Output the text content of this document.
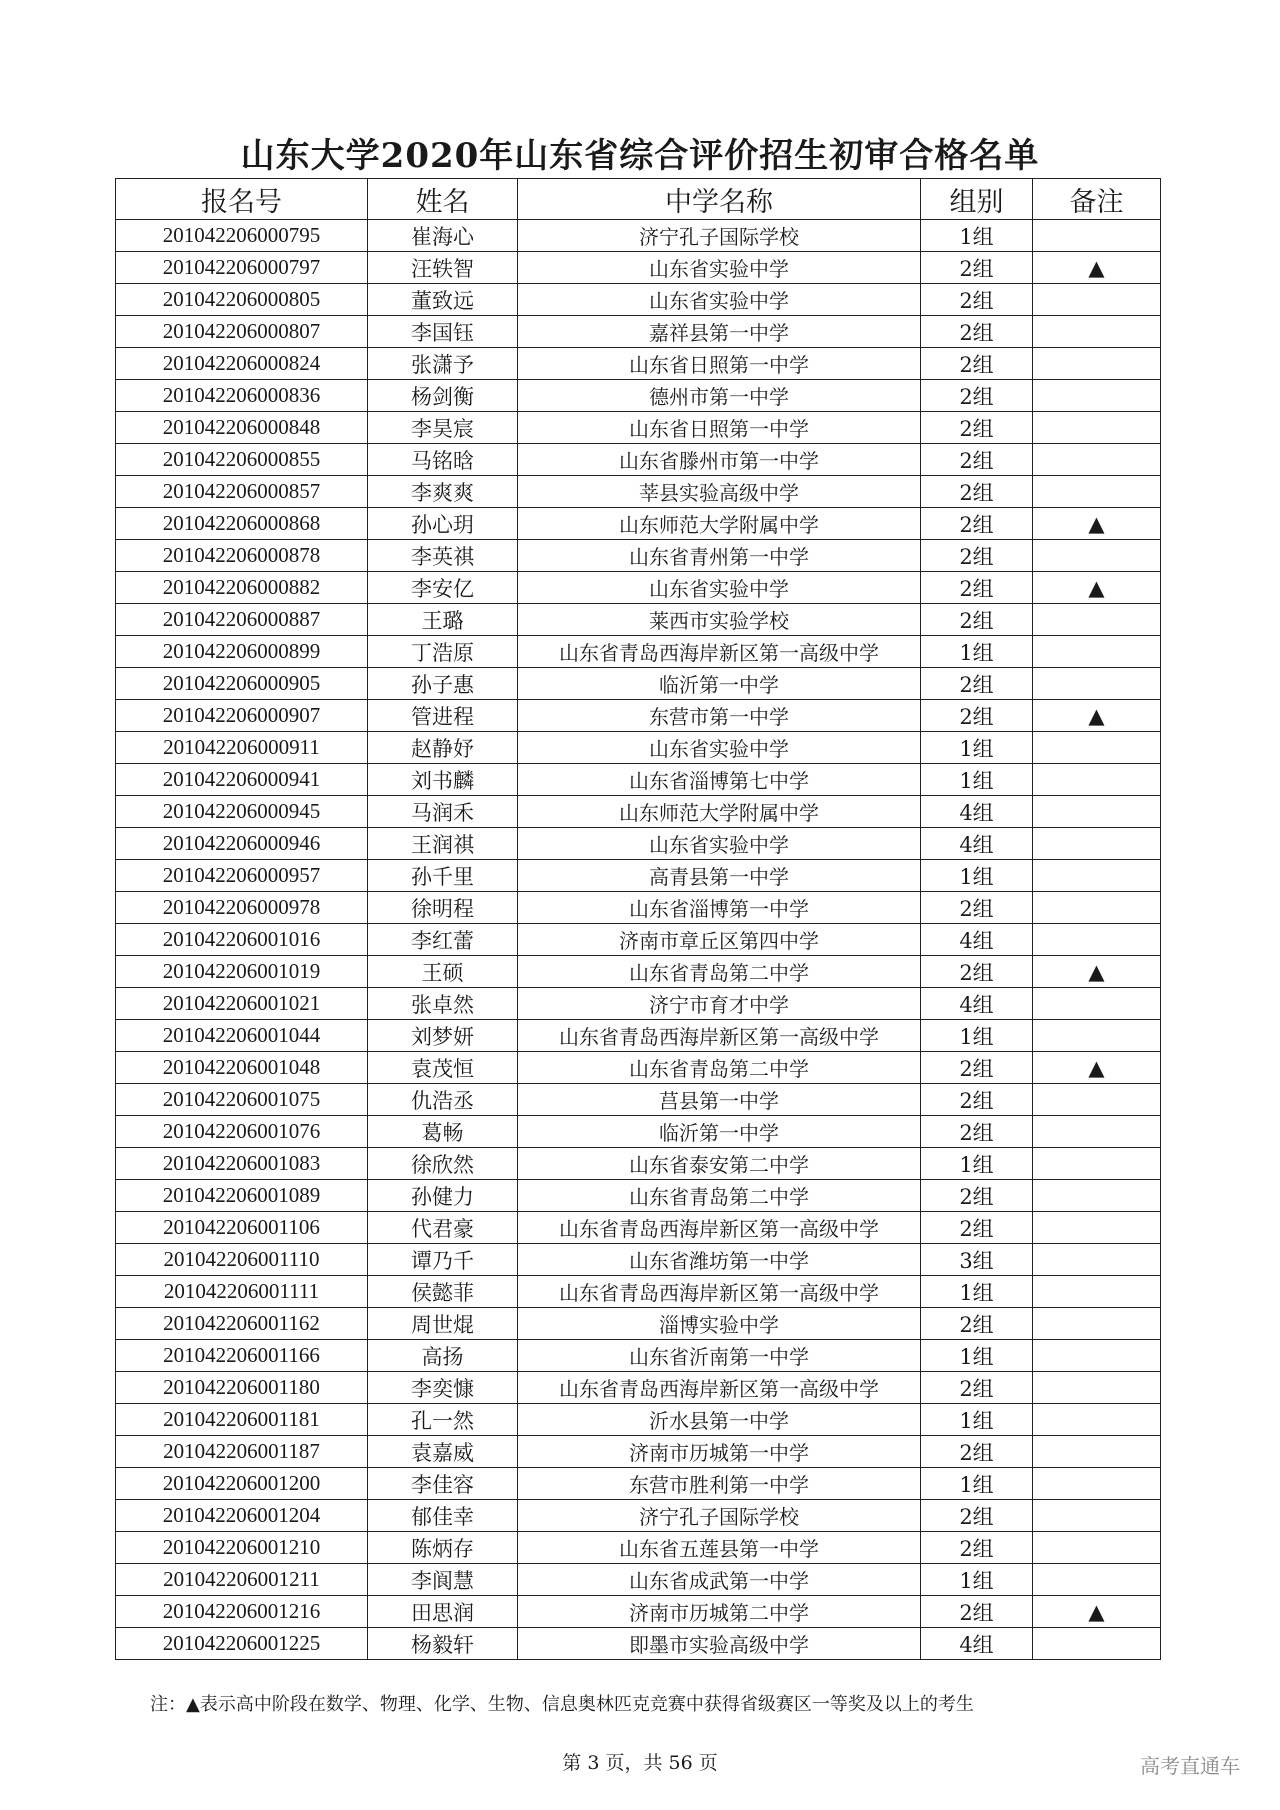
山东大学2020年山东省综合评价招生初审合格名单
报名号	姓名	中学名称	组别	备注
201042206000795	崔海心	济宁孔子国际学校	1组	
201042206000797	汪轶智	山东省实验中学	2组	▲
201042206000805	董致远	山东省实验中学	2组	
201042206000807	李国钰	嘉祥县第一中学	2组	
201042206000824	张潇予	山东省日照第一中学	2组	
201042206000836	杨剑衡	德州市第一中学	2组	
201042206000848	李昊宸	山东省日照第一中学	2组	
201042206000855	马铭晗	山东省滕州市第一中学	2组	
201042206000857	李爽爽	莘县实验高级中学	2组	
201042206000868	孙心玥	山东师范大学附属中学	2组	▲
201042206000878	李英祺	山东省青州第一中学	2组	
201042206000882	李安亿	山东省实验中学	2组	▲
201042206000887	王璐	莱西市实验学校	2组	
201042206000899	丁浩原	山东省青岛西海岸新区第一高级中学	1组	
201042206000905	孙子惠	临沂第一中学	2组	
201042206000907	管进程	东营市第一中学	2组	▲
201042206000911	赵静妤	山东省实验中学	1组	
201042206000941	刘书麟	山东省淄博第七中学	1组	
201042206000945	马润禾	山东师范大学附属中学	4组	
201042206000946	王润祺	山东省实验中学	4组	
201042206000957	孙千里	高青县第一中学	1组	
201042206000978	徐明程	山东省淄博第一中学	2组	
201042206001016	李红蕾	济南市章丘区第四中学	4组	
201042206001019	王硕	山东省青岛第二中学	2组	▲
201042206001021	张卓然	济宁市育才中学	4组	
201042206001044	刘梦妍	山东省青岛西海岸新区第一高级中学	1组	
201042206001048	袁茂恒	山东省青岛第二中学	2组	▲
201042206001075	仇浩丞	莒县第一中学	2组	
201042206001076	葛畅	临沂第一中学	2组	
201042206001083	徐欣然	山东省泰安第二中学	1组	
201042206001089	孙健力	山东省青岛第二中学	2组	
201042206001106	代君豪	山东省青岛西海岸新区第一高级中学	2组	
201042206001110	谭乃千	山东省潍坊第一中学	3组	
201042206001111	侯懿菲	山东省青岛西海岸新区第一高级中学	1组	
201042206001162	周世焜	淄博实验中学	2组	
201042206001166	高扬	山东省沂南第一中学	1组	
201042206001180	李奕慷	山东省青岛西海岸新区第一高级中学	2组	
201042206001181	孔一然	沂水县第一中学	1组	
201042206001187	袁嘉威	济南市历城第一中学	2组	
201042206001200	李佳容	东营市胜利第一中学	1组	
201042206001204	郁佳幸	济宁孔子国际学校	2组	
201042206001210	陈炳存	山东省五莲县第一中学	2组	
201042206001211	李阆慧	山东省成武第一中学	1组	
201042206001216	田思润	济南市历城第二中学	2组	▲
201042206001225	杨毅轩	即墨市实验高级中学	4组	
注：▲表示高中阶段在数学、物理、化学、生物、信息奥林匹克竞赛中获得省级赛区一等奖及以上的考生
第 3 页，共 56 页	高考直通车
